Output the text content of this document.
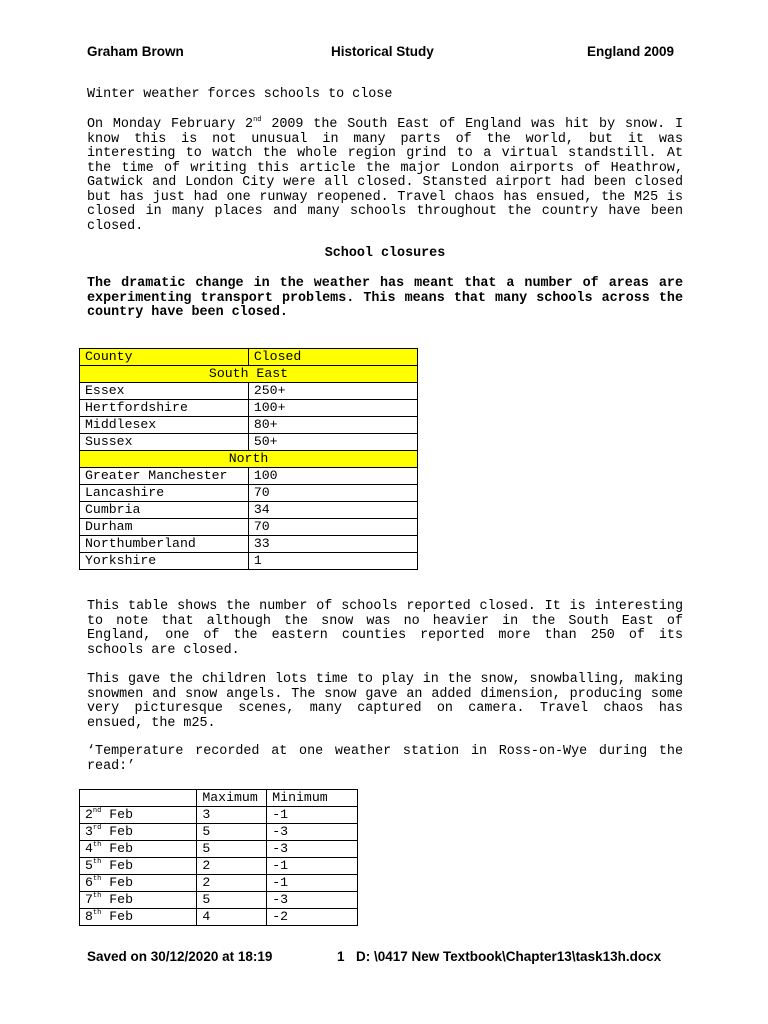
Graham Brown	Historical Study	England 2009
Winter weather forces schools to close
On Monday February 2nd 2009 the South East of England was hit by snow. I
know this is not unusual in many parts of the world, but it was
interesting to watch the whole region grind to a virtual standstill. At
the time of writing this article the major London airports of Heathrow,
Gatwick and London City were all closed. Stansted airport had been closed
but has just had one runway reopened. Travel chaos has ensued, the M25 is
closed in many places and many schools throughout the country have been
closed.
School closures
The dramatic change in the weather has meant that a number of areas are
experimenting transport problems. This means that many schools across the
country have been closed.
County	Closed
South East	
Essex	250+
Hertfordshire	100+
Middlesex	80+
Sussex	50+
North	
Greater Manchester	100
Lancashire	70
Cumbria	34
Durham	70
Northumberland	33
Yorkshire	1
This table shows the number of schools reported closed. It is interesting
to note that although the snow was no heavier in the South East of
England, one of the eastern counties reported more than 250 of its
schools are closed.
This gave the children lots time to play in the snow, snowballing, making
snowmen and snow angels. The snow gave an added dimension, producing some
very picturesque scenes, many captured on camera. Travel chaos has
ensued, the m25.
‘Temperature recorded at one weather station in Ross-on-Wye during the
read:’
	Maximum	Minimum
2nd Feb	3	-1
3rd Feb	5	-3
4th Feb	5	-3
5th Feb	2	-1
6th Feb	2	-1
7th Feb	5	-3
8th Feb	4	-2
Saved on 30/12/2020 at 18:19	1 D: \0417 New Textbook\Chapter13\task13h.docx
